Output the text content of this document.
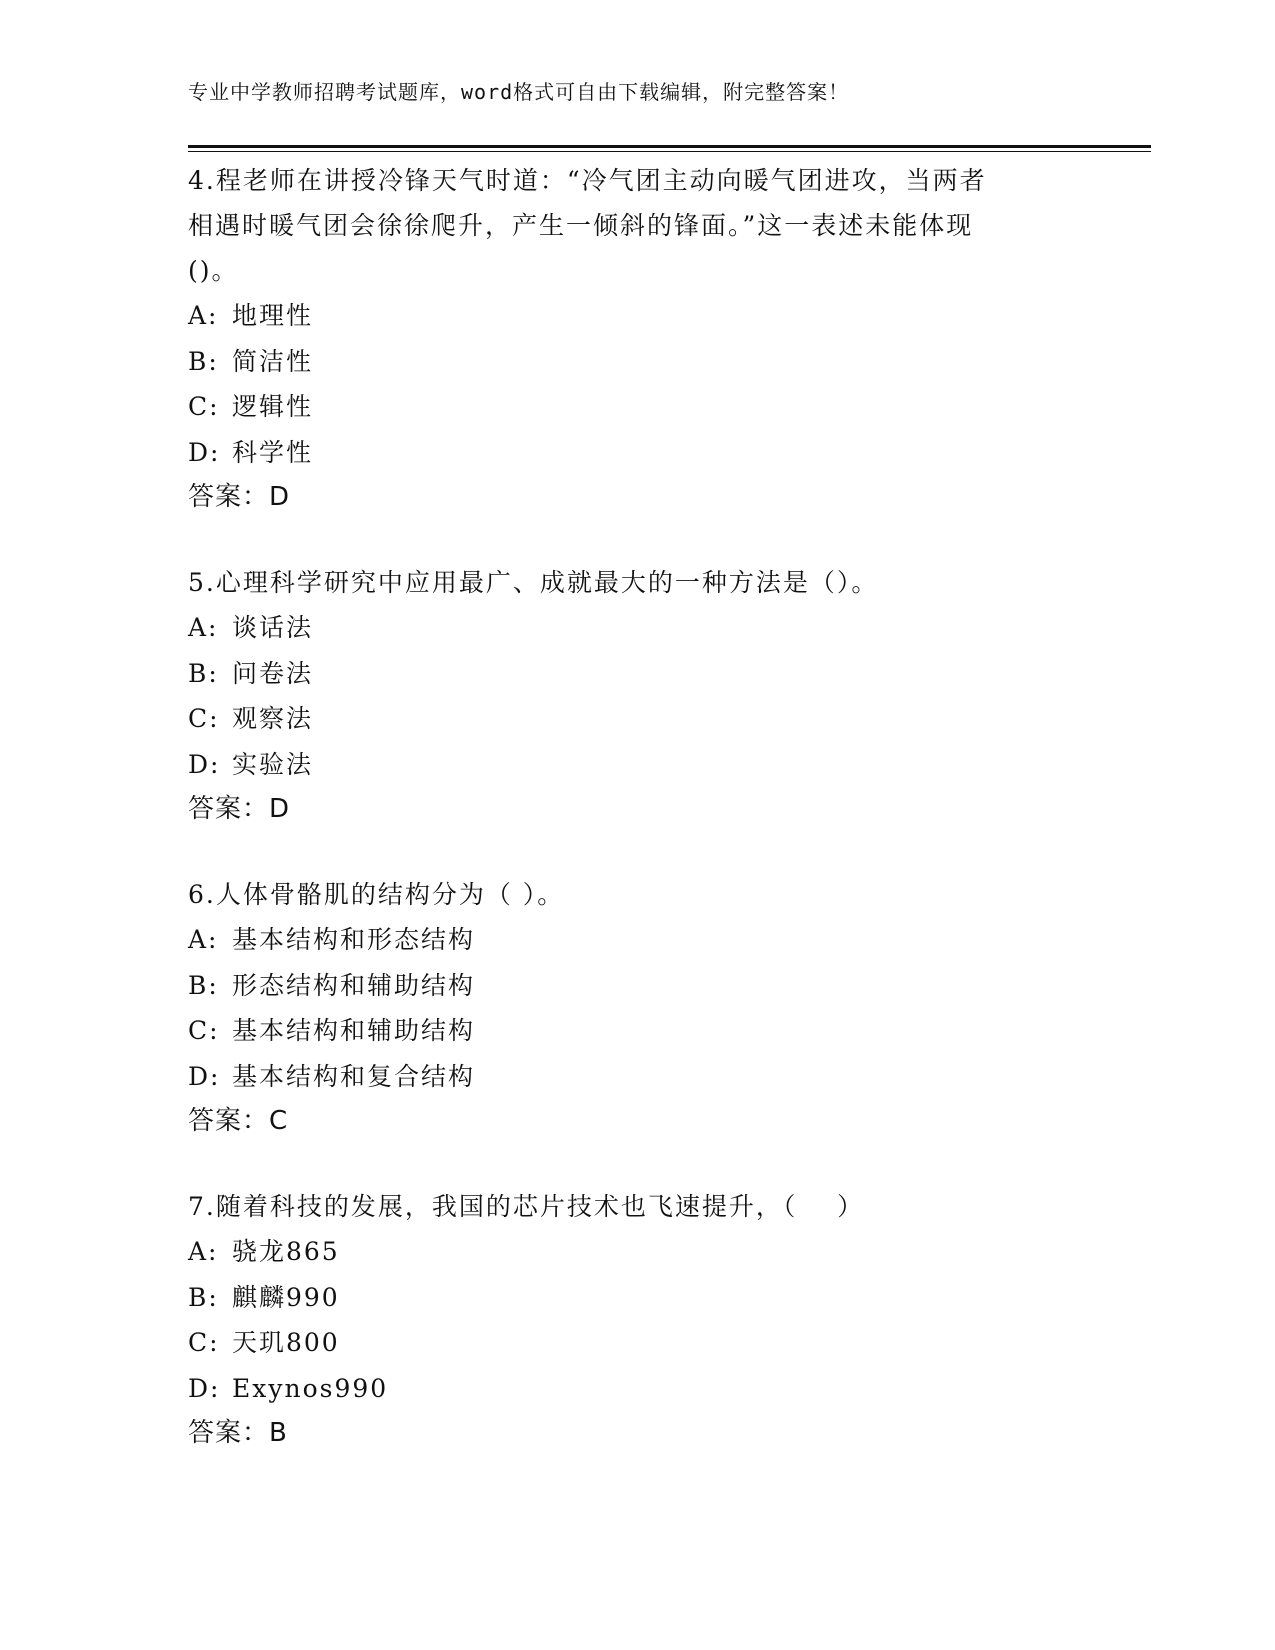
专业中学教师招聘考试题库，word格式可自由下载编辑，附完整答案！

4.程老师在讲授冷锋天气时道：“冷气团主动向暖气团进攻，当两者

相遇时暖气团会徐徐爬升，产生一倾斜的锋面。”这一表述未能体现

()。

A: 地理性

B: 简洁性

C: 逻辑性

D: 科学性

答案：D

5.心理科学研究中应用最广、成就最大的一种方法是（）。

A: 谈话法

B: 问卷法

C: 观察法

D: 实验法

答案：D

6.人体骨骼肌的结构分为（ ）。

A: 基本结构和形态结构

B: 形态结构和辅助结构

C: 基本结构和辅助结构

D: 基本结构和复合结构

答案：C

7.随着科技的发展，我国的芯片技术也飞速提升，（    ）

A: 骁龙865

B: 麒麟990

C: 天玑800

D: Exynos990

答案：B
